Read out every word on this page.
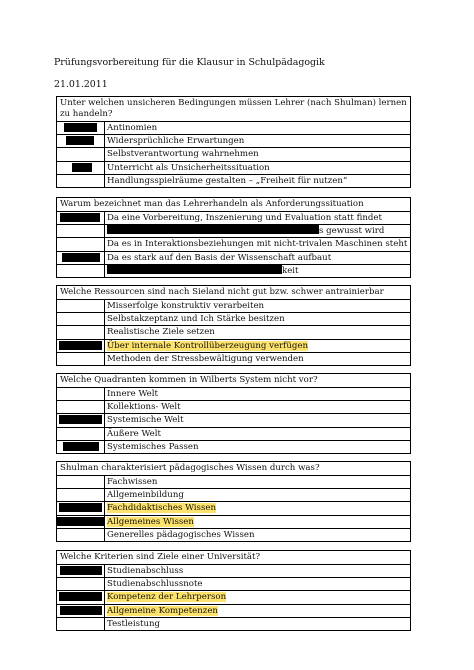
Prüfungsvorbereitung für die Klausur in Schulpädagogik
21.01.2011
Unter welchen unsicheren Bedingungen müssen Lehrer (nach Shulman) lernen zu handeln?
Antinomien
Widersprüchliche Erwartungen
Selbstverantwortung wahrnehmen
Unterricht als Unsicherheitssituation
Handlungsspielräume gestalten – „Freiheit für nutzen“
Warum bezeichnet man das Lehrerhandeln als Anforderungssituation
Da eine Vorbereitung, Inszenierung und Evaluation statt findet
s gewusst wird
Da es in Interaktionsbeziehungen mit nicht-trivalen Maschinen steht
Da es stark auf den Basis der Wissenschaft aufbaut
keit
Welche Ressourcen sind nach Sieland nicht gut bzw. schwer antrainierbar
Misserfolge konstruktiv verarbeiten
Selbstakzeptanz und Ich Stärke besitzen
Realistische Ziele setzen
Über internale Kontrollüberzeugung verfügen
Methoden der Stressbewältigung verwenden
Welche Quadranten kommen in Wilberts System nicht vor?
Innere Welt
Kollektions- Welt
Systemische Welt
Äußere Welt
Systemisches Passen
Shulman charakterisiert pädagogisches Wissen durch was?
Fachwissen
Allgemeinbildung
Fachdidaktisches Wissen
Allgemeines Wissen
Generelles pädagogisches Wissen
Welche Kriterien sind Ziele einer Universität?
Studienabschluss
Studienabschlussnote
Kompetenz der Lehrperson
Allgemeine Kompetenzen
Testleistung
